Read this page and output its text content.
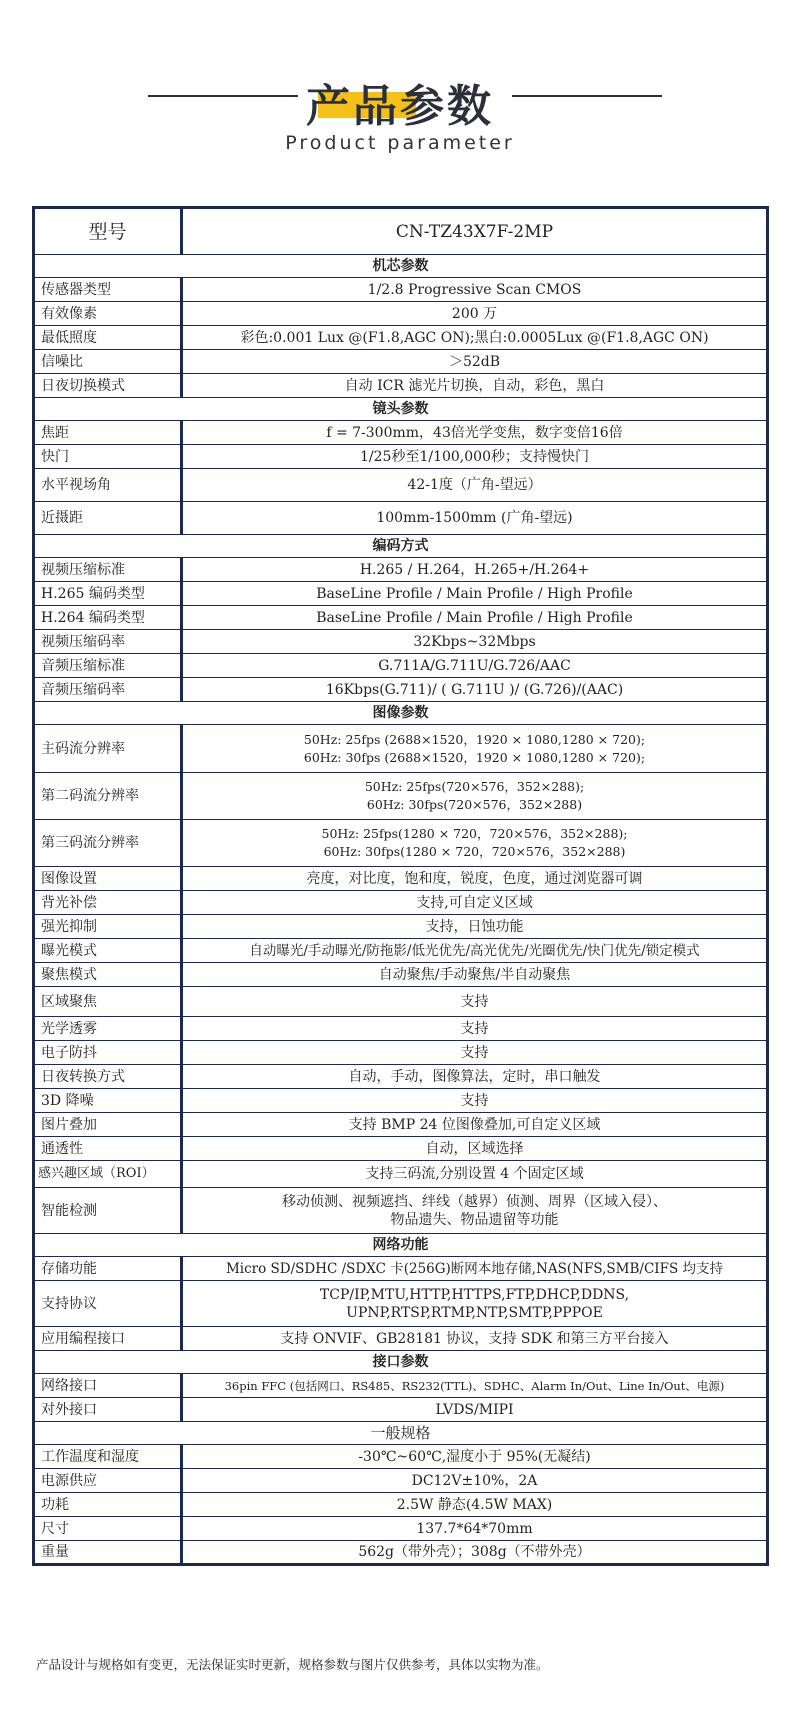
产品参数
Product parameter
型号	CN-TZ43X7F-2MP
机芯参数	
传感器类型	1/2.8 Progressive Scan CMOS
有效像素	200 万
最低照度	彩色:0.001 Lux @(F1.8,AGC ON);黑白:0.0005Lux @(F1.8,AGC ON)
信噪比	＞52dB
日夜切换模式	自动 ICR 滤光片切换，自动，彩色，黑白
镜头参数	
焦距	f = 7-300mm，43倍光学变焦，数字变倍16倍
快门	1/25秒至1/100,000秒；支持慢快门
水平视场角	42-1度（广角-望远）
近摄距	100mm-1500mm (广角-望远)
编码方式	
视频压缩标准	H.265 / H.264，H.265+/H.264+
H.265 编码类型	BaseLine Profile / Main Profile / High Profile
H.264 编码类型	BaseLine Profile / Main Profile / High Profile
视频压缩码率	32Kbps~32Mbps
音频压缩标准	G.711A/G.711U/G.726/AAC
音频压缩码率	16Kbps(G.711)/ ( G.711U )/ (G.726)/(AAC)
图像参数	
主码流分辨率	50Hz: 25fps (2688×1520，1920 × 1080,1280 × 720);
60Hz: 30fps (2688×1520，1920 × 1080,1280 × 720);

第二码流分辨率	50Hz: 25fps(720×576，352×288);
60Hz: 30fps(720×576，352×288)

第三码流分辨率	50Hz: 25fps(1280 × 720，720×576，352×288);
60Hz: 30fps(1280 × 720，720×576，352×288)

图像设置	亮度，对比度，饱和度，锐度，色度，通过浏览器可调
背光补偿	支持,可自定义区域
强光抑制	支持，日蚀功能
曝光模式	自动曝光/手动曝光/防拖影/低光优先/高光优先/光圈优先/快门优先/锁定模式
聚焦模式	自动聚焦/手动聚焦/半自动聚焦
区域聚焦	支持
光学透雾	支持
电子防抖	支持
日夜转换方式	自动，手动，图像算法，定时，串口触发
3D 降噪	支持
图片叠加	支持 BMP 24 位图像叠加,可自定义区域
通透性	自动，区域选择
感兴趣区域（ROI）	支持三码流,分别设置 4 个固定区域
智能检测	移动侦测、视频遮挡、绊线（越界）侦测、周界（区域入侵）、
物品遗失、物品遗留等功能

网络功能	
存储功能	Micro SD/SDHC /SDXC 卡(256G)断网本地存储,NAS(NFS,SMB/CIFS 均支持
支持协议	TCP/IP,MTU,HTTP,HTTPS,FTP,DHCP,DDNS,
UPNP,RTSP,RTMP,NTP,SMTP,PPPOE

应用编程接口	支持 ONVIF、GB28181 协议，支持 SDK 和第三方平台接入
接口参数	
网络接口	36pin FFC (包括网口、RS485、RS232(TTL)、SDHC、Alarm In/Out、Line In/Out、电源)
对外接口	LVDS/MIPI
一般规格	
工作温度和湿度	-30℃~60℃,湿度小于 95%(无凝结)
电源供应	DC12V±10%，2A
功耗	2.5W 静态(4.5W MAX)
尺寸	137.7*64*70mm
重量	562g（带外壳）；308g（不带外壳）
产品设计与规格如有变更，无法保证实时更新，规格参数与图片仅供参考，具体以实物为准。
